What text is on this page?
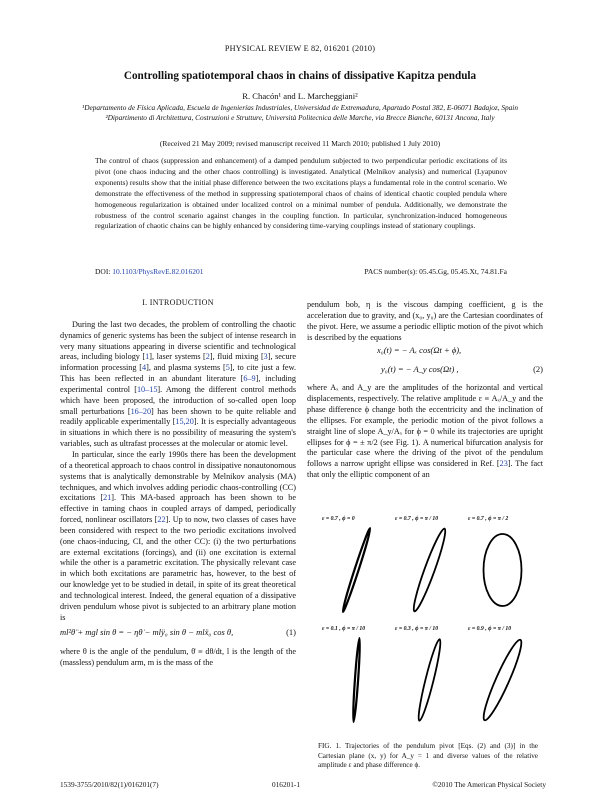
PHYSICAL REVIEW E 82, 016201 (2010)
Controlling spatiotemporal chaos in chains of dissipative Kapitza pendula
R. Chacón¹ and L. Marcheggiani²
¹Departamento de Física Aplicada, Escuela de Ingenierías Industriales, Universidad de Extremadura, Apartado Postal 382, E-06071 Badajoz, Spain
²Dipartimento di Architettura, Costruzioni e Strutture, Università Politecnica delle Marche, via Brecce Bianche, 60131 Ancona, Italy
(Received 21 May 2009; revised manuscript received 11 March 2010; published 1 July 2010)
The control of chaos (suppression and enhancement) of a damped pendulum subjected to two perpendicular periodic excitations of its pivot (one chaos inducing and the other chaos controlling) is investigated. Analytical (Melnikov analysis) and numerical (Lyapunov exponents) results show that the initial phase difference between the two excitations plays a fundamental role in the control scenario. We demonstrate the effectiveness of the method in suppressing spatiotemporal chaos of chains of identical chaotic coupled pendula where homogeneous regularization is obtained under localized control on a minimal number of pendula. Additionally, we demonstrate the robustness of the control scenario against changes in the coupling function. In particular, synchronization-induced homogeneous regularization of chaotic chains can be highly enhanced by considering time-varying couplings instead of stationary couplings.
DOI: 10.1103/PhysRevE.82.016201	PACS number(s): 05.45.Gg, 05.45.Xt, 74.81.Fa
I. INTRODUCTION

During the last two decades, the problem of controlling the chaotic dynamics of generic systems has been the subject of intense research in very many situations appearing in diverse scientific and technological areas, including biology [1], laser systems [2], fluid mixing [3], secure information processing [4], and plasma systems [5], to cite just a few. This has been reflected in an abundant literature [6–9], including experimental control [10–15]. Among the different control methods which have been proposed, the introduction of so-called open loop small perturbations [16–20] has been shown to be quite reliable and readily applicable experimentally [15,20]. It is especially advantageous in situations in which there is no possibility of measuring the system's variables, such as ultrafast processes at the molecular or atomic level.

In particular, since the early 1990s there has been the development of a theoretical approach to chaos control in dissipative nonautonomous systems that is analytically demonstrable by Melnikov analysis (MA) techniques, and which involves adding periodic chaos-controlling (CC) excitations [21]. This MA-based approach has been shown to be effective in taming chaos in coupled arrays of damped, periodically forced, nonlinear oscillators [22]. Up to now, two classes of cases have been considered with respect to the two periodic excitations involved (one chaos-inducing, CI, and the other CC): (i) the two perturbations are external excitations (forcings), and (ii) one excitation is external while the other is a parametric excitation. The physically relevant case in which both excitations are parametric has, however, to the best of our knowledge yet to be studied in detail, in spite of its great theoretical and technological interest. Indeed, the general equation of a dissipative driven pendulum whose pivot is subjected to an arbitrary plane motion is

ml²θ̈ + mgl sin θ = − ηθ̇ − mlÿ₀ sin θ − mlẍ₀ cos θ,	(1)

where θ is the angle of the pendulum, θ̇ ≡ dθ/dt, l is the length of the (massless) pendulum arm, m is the mass of the

pendulum bob, η is the viscous damping coefficient, g is the acceleration due to gravity, and (x₀, y₀) are the Cartesian coordinates of the pivot. Here, we assume a periodic elliptic motion of the pivot which is described by the equations

x₀(t) = − Aₓ cos(Ωt + ϕ),
y₀(t) = − A_y cos(Ωt) ,	(2)

where Aₓ and A_y are the amplitudes of the horizontal and vertical displacements, respectively. The relative amplitude ε ≡ Aₓ/A_y and the phase difference ϕ change both the eccentricity and the inclination of the ellipses. For example, the periodic motion of the pivot follows a straight line of slope A_y/Aₓ for ϕ = 0 while its trajectories are upright ellipses for ϕ = ± π/2 (see Fig. 1). A numerical bifurcation analysis for the particular case where the driving of the pivot of the pendulum follows a narrow upright ellipse was considered in Ref. [23]. The fact that only the elliptic component of an

ε = 0.7 , ϕ = 0	ε = 0.7 , ϕ = π / 10	ε = 0.7 , ϕ = π / 2
ε = 0.1 , ϕ = π / 10	ε = 0.3 , ϕ = π / 10	ε = 0.9 , ϕ = π / 10
FIG. 1. Trajectories of the pendulum pivot [Eqs. (2) and (3)] in the Cartesian plane (x, y) for A_y = 1 and diverse values of the relative amplitude ε and phase difference ϕ.
1539-3755/2010/82(1)/016201(7)	016201-1	©2010 The American Physical Society
